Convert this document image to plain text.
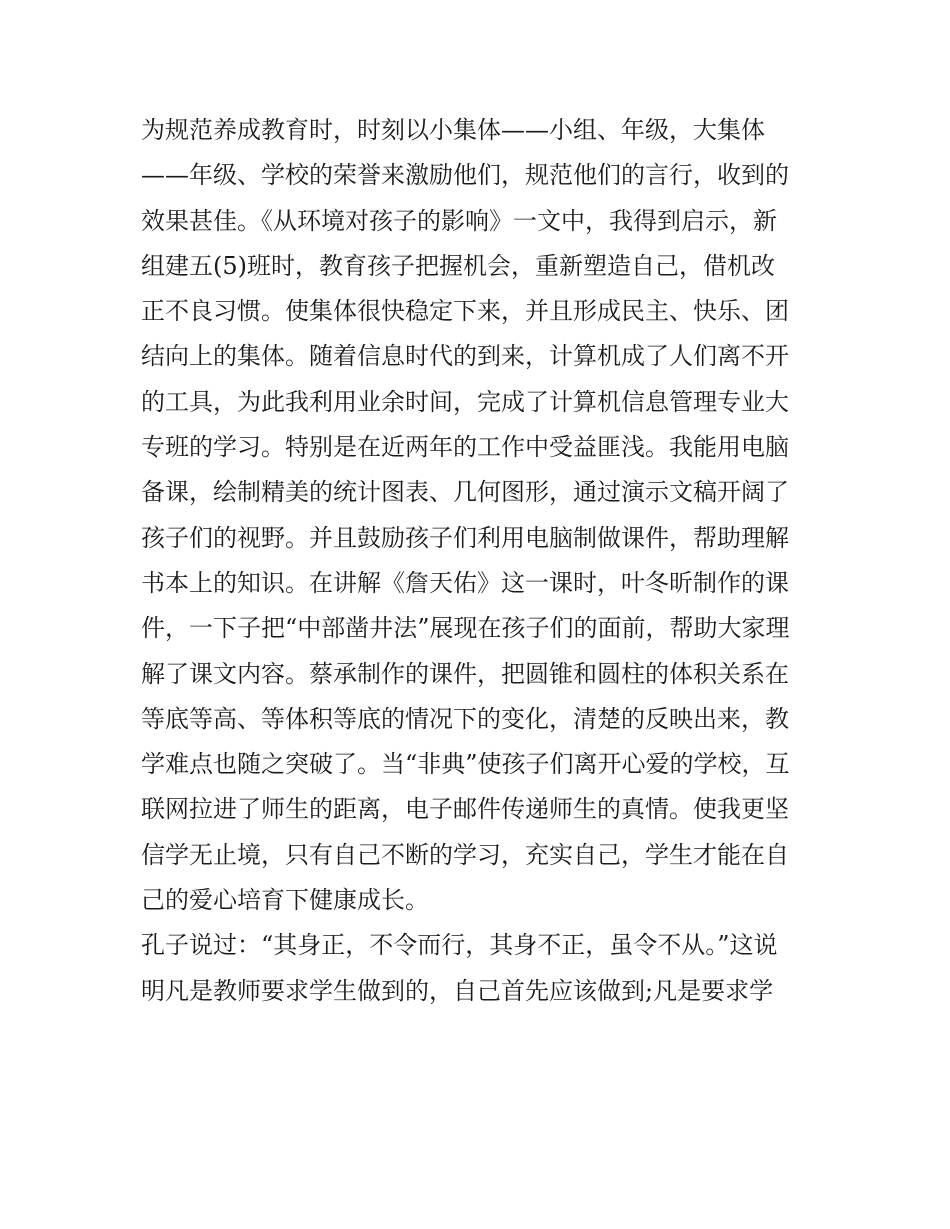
为规范养成教育时，时刻以小集体——小组、年级，大集体
——年级、学校的荣誉来激励他们，规范他们的言行，收到的
效果甚佳。《从环境对孩子的影响》一文中，我得到启示，新
组建五(5)班时，教育孩子把握机会，重新塑造自己，借机改
正不良习惯。使集体很快稳定下来，并且形成民主、快乐、团
结向上的集体。随着信息时代的到来，计算机成了人们离不开
的工具，为此我利用业余时间，完成了计算机信息管理专业大
专班的学习。特别是在近两年的工作中受益匪浅。我能用电脑
备课，绘制精美的统计图表、几何图形，通过演示文稿开阔了
孩子们的视野。并且鼓励孩子们利用电脑制做课件，帮助理解
书本上的知识。在讲解《詹天佑》这一课时，叶冬昕制作的课
件，一下子把“中部凿井法”展现在孩子们的面前，帮助大家理
解了课文内容。蔡承制作的课件，把圆锥和圆柱的体积关系在
等底等高、等体积等底的情况下的变化，清楚的反映出来，教
学难点也随之突破了。当“非典”使孩子们离开心爱的学校，互
联网拉进了师生的距离，电子邮件传递师生的真情。使我更坚
信学无止境，只有自己不断的学习，充实自己，学生才能在自
己的爱心培育下健康成长。
孔子说过：“其身正，不令而行，其身不正，虽令不从。”这说
明凡是教师要求学生做到的，自己首先应该做到;凡是要求学
